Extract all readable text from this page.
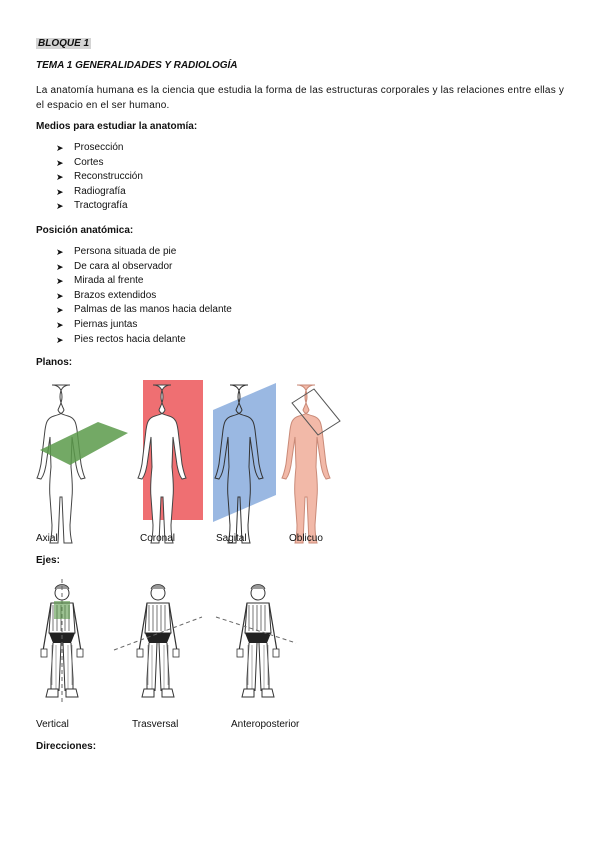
BLOQUE 1
TEMA 1 GENERALIDADES Y RADIOLOGÍA
La anatomía humana es la ciencia que estudia la forma de las estructuras corporales y las relaciones entre ellas y el espacio en el ser humano.
Medios para estudiar la anatomía:
➤	Prosección
➤	Cortes
➤	Reconstrucción
➤	Radiografía
➤	Tractografía
Posición anatómica:
➤	Persona situada de pie
➤	De cara al observador
➤	Mirada al frente
➤	Brazos extendidos
➤	Palmas de las manos hacia delante
➤	Piernas juntas
➤	Pies rectos hacia delante
Planos:
Axial	Coronal	Sagital	Oblicuo
Ejes:
Vertical	Trasversal	Anteroposterior
Direcciones:
